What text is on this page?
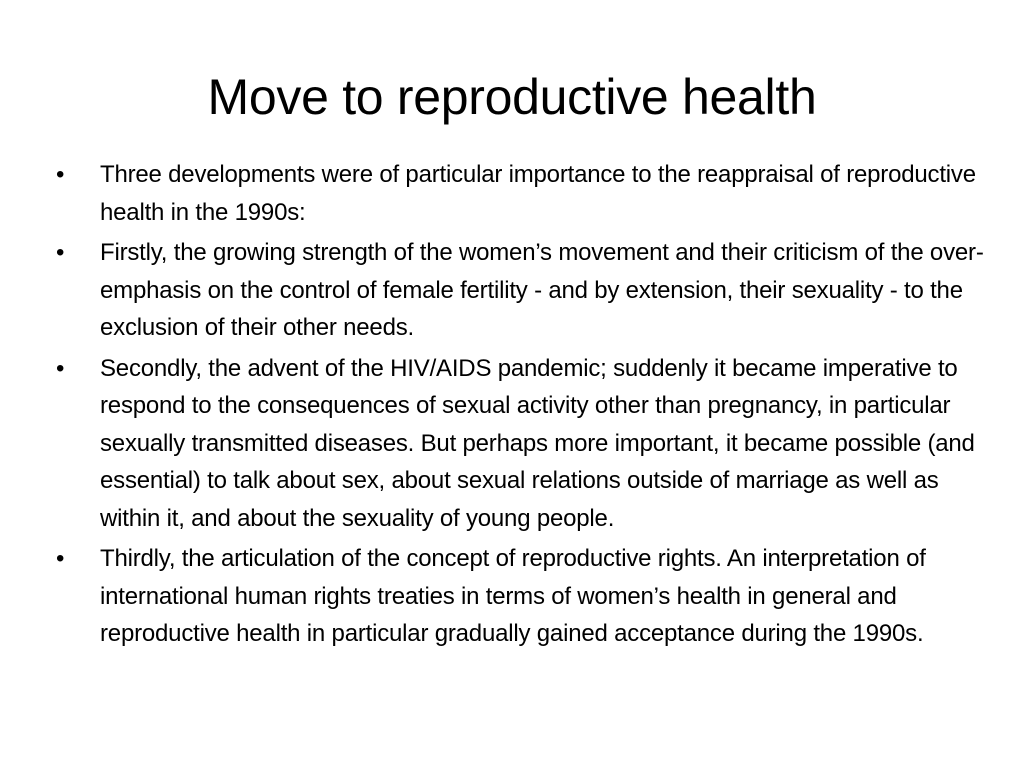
Move to reproductive health
•	Three developments were of particular importance to the reappraisal of reproductive health in the 1990s:
•	Firstly, the growing strength of the women’s movement and their criticism of the over-emphasis on the control of female fertility - and by extension, their sexuality - to the exclusion of their other needs.
•	Secondly, the advent of the HIV/AIDS pandemic; suddenly it became imperative to respond to the consequences of sexual activity other than pregnancy, in particular sexually transmitted diseases. But perhaps more important, it became possible (and essential) to talk about sex, about sexual relations outside of marriage as well as within it, and about the sexuality of young people.
•	Thirdly, the articulation of the concept of reproductive rights. An interpretation of international human rights treaties in terms of women’s health in general and reproductive health in particular gradually gained acceptance during the 1990s.
